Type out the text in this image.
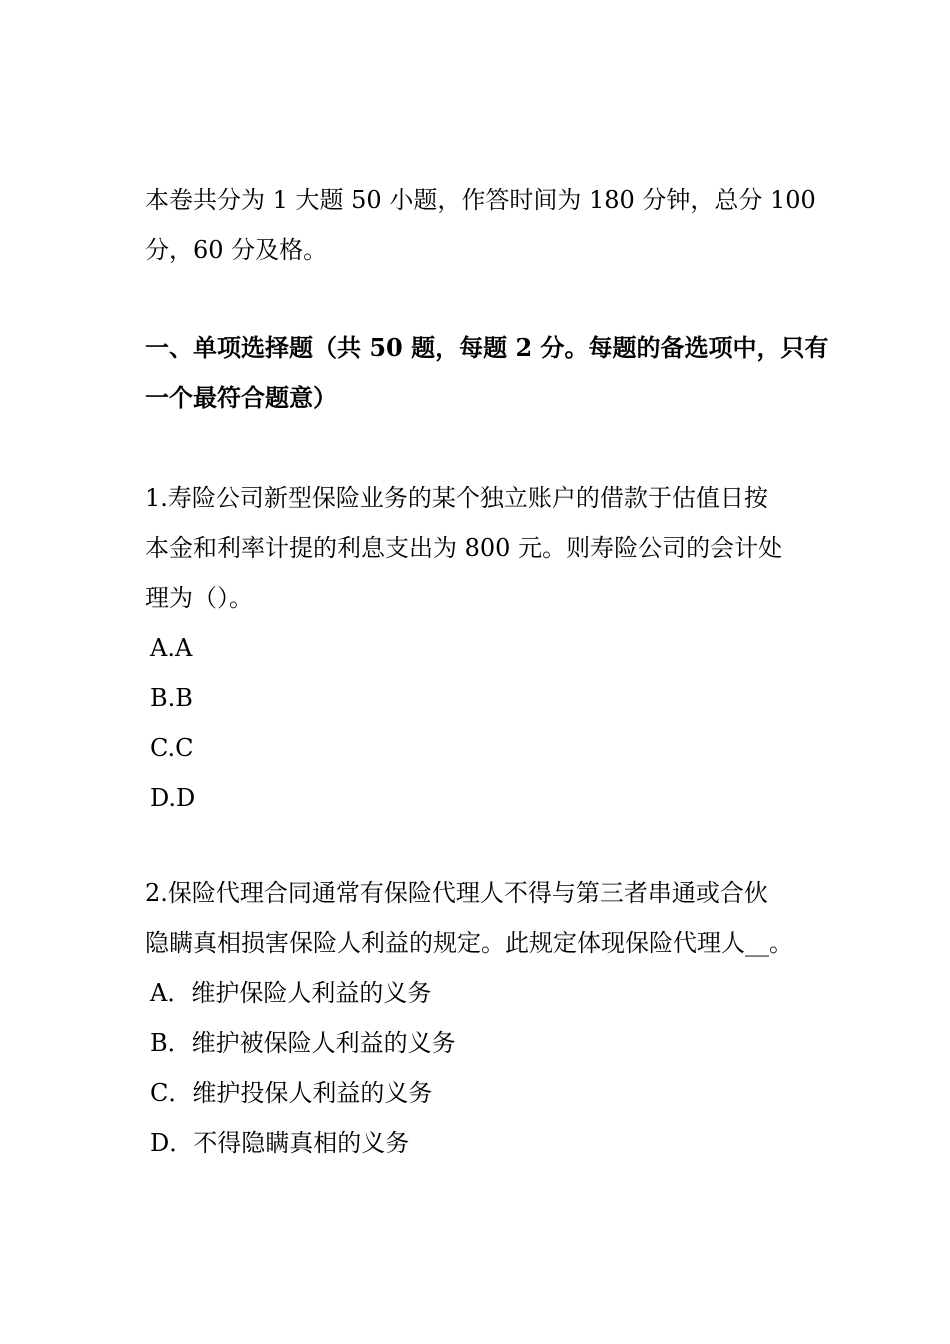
本卷共分为 1 大题 50 小题，作答时间为 180 分钟，总分 100
分，60 分及格。
一、单项选择题（共 50 题，每题 2 分。每题的备选项中，只有
一个最符合题意）
1.寿险公司新型保险业务的某个独立账户的借款于估值日按
本金和利率计提的利息支出为 800 元。则寿险公司的会计处
理为（）。
A.A
B.B
C.C
D.D
2.保险代理合同通常有保险代理人不得与第三者串通或合伙
隐瞒真相损害保险人利益的规定。此规定体现保险代理人__。
A．维护保险人利益的义务
B．维护被保险人利益的义务
C．维护投保人利益的义务
D．不得隐瞒真相的义务
